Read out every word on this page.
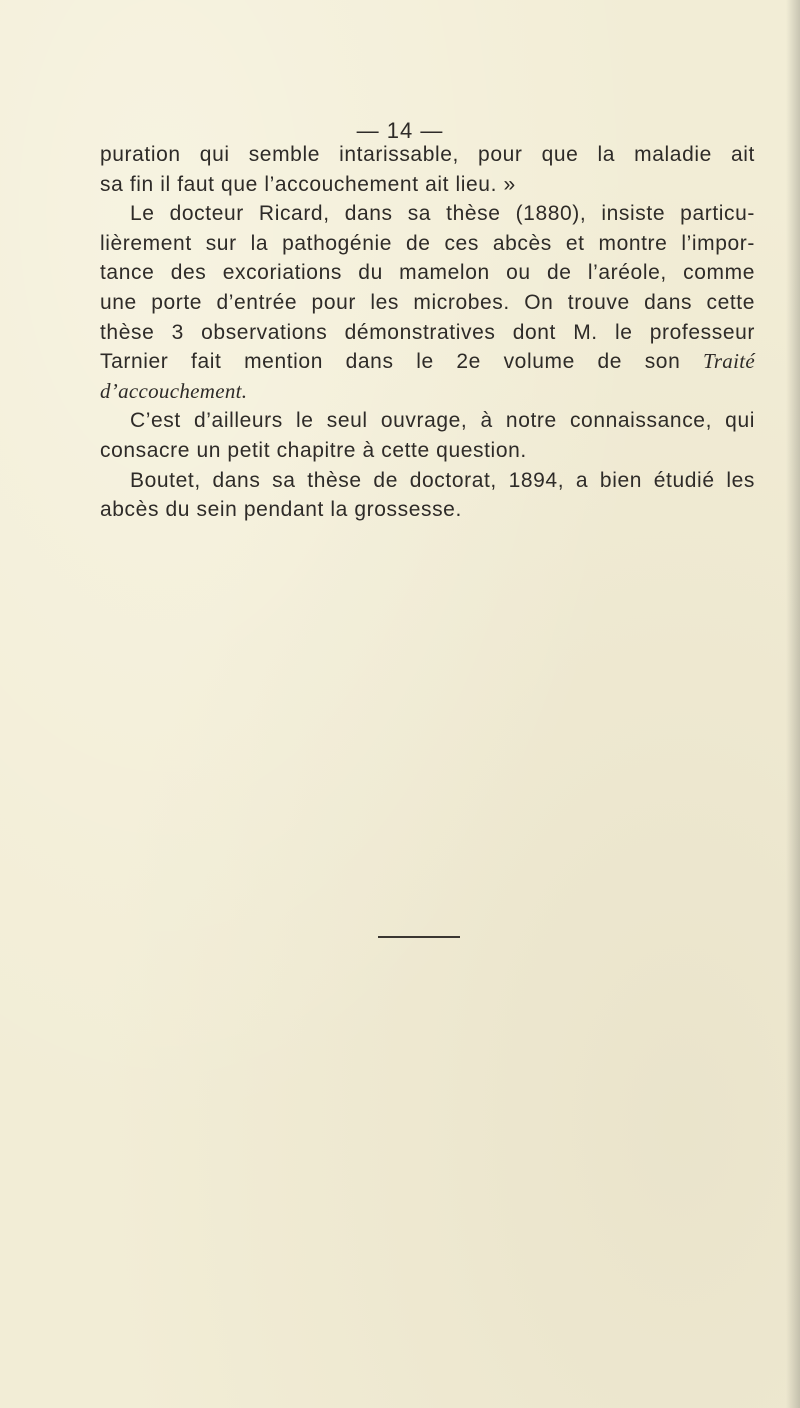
— 14 —
puration qui semble intarissable, pour que la maladie ait
sa fin il faut que l’accouchement ait lieu. »
Le docteur Ricard, dans sa thèse (1880), insiste particu-
lièrement sur la pathogénie de ces abcès et montre l’impor-
tance des excoriations du mamelon ou de l’aréole, comme
une porte d’entrée pour les microbes. On trouve dans cette
thèse 3 observations démonstratives dont M. le professeur
Tarnier fait mention dans le 2e volume de son Traité
d’accouchement.
C’est d’ailleurs le seul ouvrage, à notre connaissance, qui
consacre un petit chapitre à cette question.
Boutet, dans sa thèse de doctorat, 1894, a bien étudié les
abcès du sein pendant la grossesse.
